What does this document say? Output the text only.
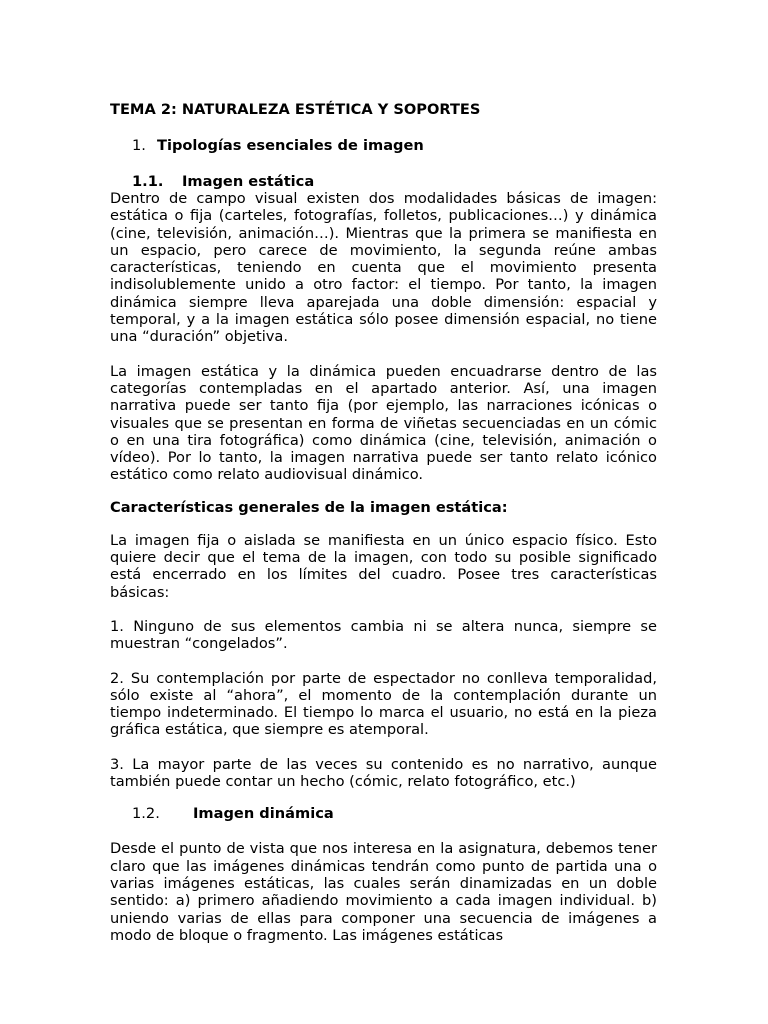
TEMA 2: NATURALEZA ESTÉTICA Y SOPORTES
1. Tipologías esenciales de imagen
1.1. Imagen estática

Dentro de campo visual existen dos modalidades básicas de imagen: estática o fija (carteles, fotografías, folletos, publicaciones…) y dinámica (cine, televisión, animación…). Mientras que la primera se manifiesta en un espacio, pero carece de movimiento, la segunda reúne ambas características, teniendo en cuenta que el movimiento presenta indisolublemente unido a otro factor: el tiempo. Por tanto, la imagen dinámica siempre lleva aparejada una doble dimensión: espacial y temporal, y a la imagen estática sólo posee dimensión espacial, no tiene una “duración” objetiva.

La imagen estática y la dinámica pueden encuadrarse dentro de las categorías contempladas en el apartado anterior. Así, una imagen narrativa puede ser tanto fija (por ejemplo, las narraciones icónicas o visuales que se presentan en forma de viñetas secuenciadas en un cómic o en una tira fotográfica) como dinámica (cine, televisión, animación o vídeo). Por lo tanto, la imagen narrativa puede ser tanto relato icónico estático como relato audiovisual dinámico.

Características generales de la imagen estática:

La imagen fija o aislada se manifiesta en un único espacio físico. Esto quiere decir que el tema de la imagen, con todo su posible significado está encerrado en los límites del cuadro. Posee tres características básicas:

1. Ninguno de sus elementos cambia ni se altera nunca, siempre se muestran “congelados”.

2. Su contemplación por parte de espectador no conlleva temporalidad, sólo existe al “ahora”, el momento de la contemplación durante un tiempo indeterminado. El tiempo lo marca el usuario, no está en la pieza gráfica estática, que siempre es atemporal.

3. La mayor parte de las veces su contenido es no narrativo, aunque también puede contar un hecho (cómic, relato fotográfico, etc.)

1.2. Imagen dinámica

Desde el punto de vista que nos interesa en la asignatura, debemos tener claro que las imágenes dinámicas tendrán como punto de partida una o varias imágenes estáticas, las cuales serán dinamizadas en un doble sentido: a) primero añadiendo movimiento a cada imagen individual. b) uniendo varias de ellas para componer una secuencia de imágenes a modo de bloque o fragmento. Las imágenes estáticas
